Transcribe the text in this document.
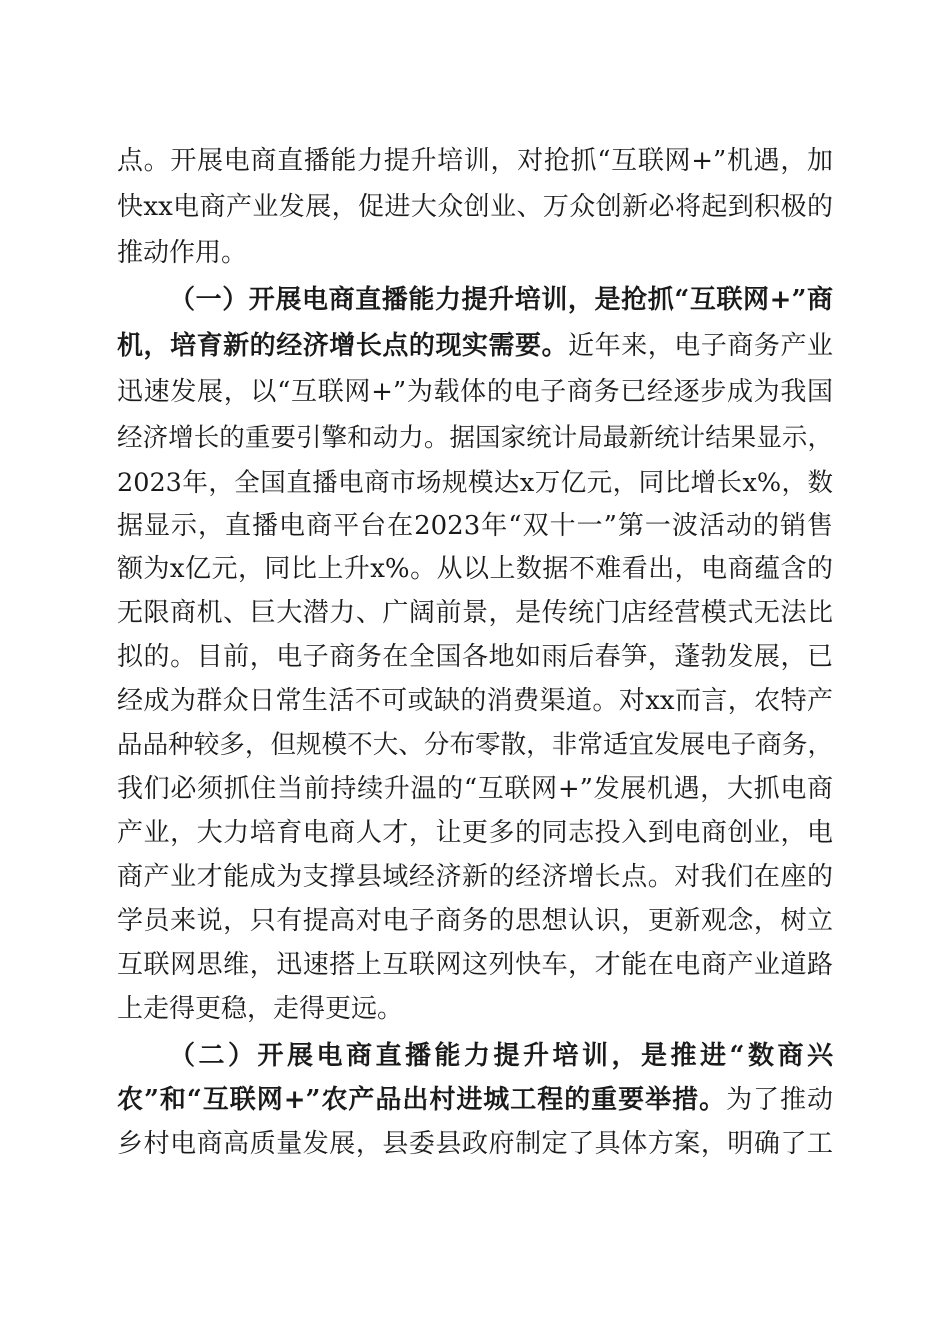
点。开展电商直播能力提升培训，对抢抓“互联网+”机遇，加
快xx电商产业发展，促进大众创业、万众创新必将起到积极的
推动作用。
（一）开展电商直播能力提升培训，是抢抓“互联网+”商
机，培育新的经济增长点的现实需要。近年来，电子商务产业
迅速发展，以“互联网+”为载体的电子商务已经逐步成为我国
经济增长的重要引擎和动力。据国家统计局最新统计结果显示，
2023年，全国直播电商市场规模达x万亿元，同比增长x%，数
据显示，直播电商平台在2023年“双十一”第一波活动的销售
额为x亿元，同比上升x%。从以上数据不难看出，电商蕴含的
无限商机、巨大潜力、广阔前景，是传统门店经营模式无法比
拟的。目前，电子商务在全国各地如雨后春笋，蓬勃发展，已
经成为群众日常生活不可或缺的消费渠道。对xx而言，农特产
品品种较多，但规模不大、分布零散，非常适宜发展电子商务，
我们必须抓住当前持续升温的“互联网+”发展机遇，大抓电商
产业，大力培育电商人才，让更多的同志投入到电商创业，电
商产业才能成为支撑县域经济新的经济增长点。对我们在座的
学员来说，只有提高对电子商务的思想认识，更新观念，树立
互联网思维，迅速搭上互联网这列快车，才能在电商产业道路
上走得更稳，走得更远。
（二）开展电商直播能力提升培训，是推进“数商兴
农”和“互联网+”农产品出村进城工程的重要举措。为了推动
乡村电商高质量发展，县委县政府制定了具体方案，明确了工
